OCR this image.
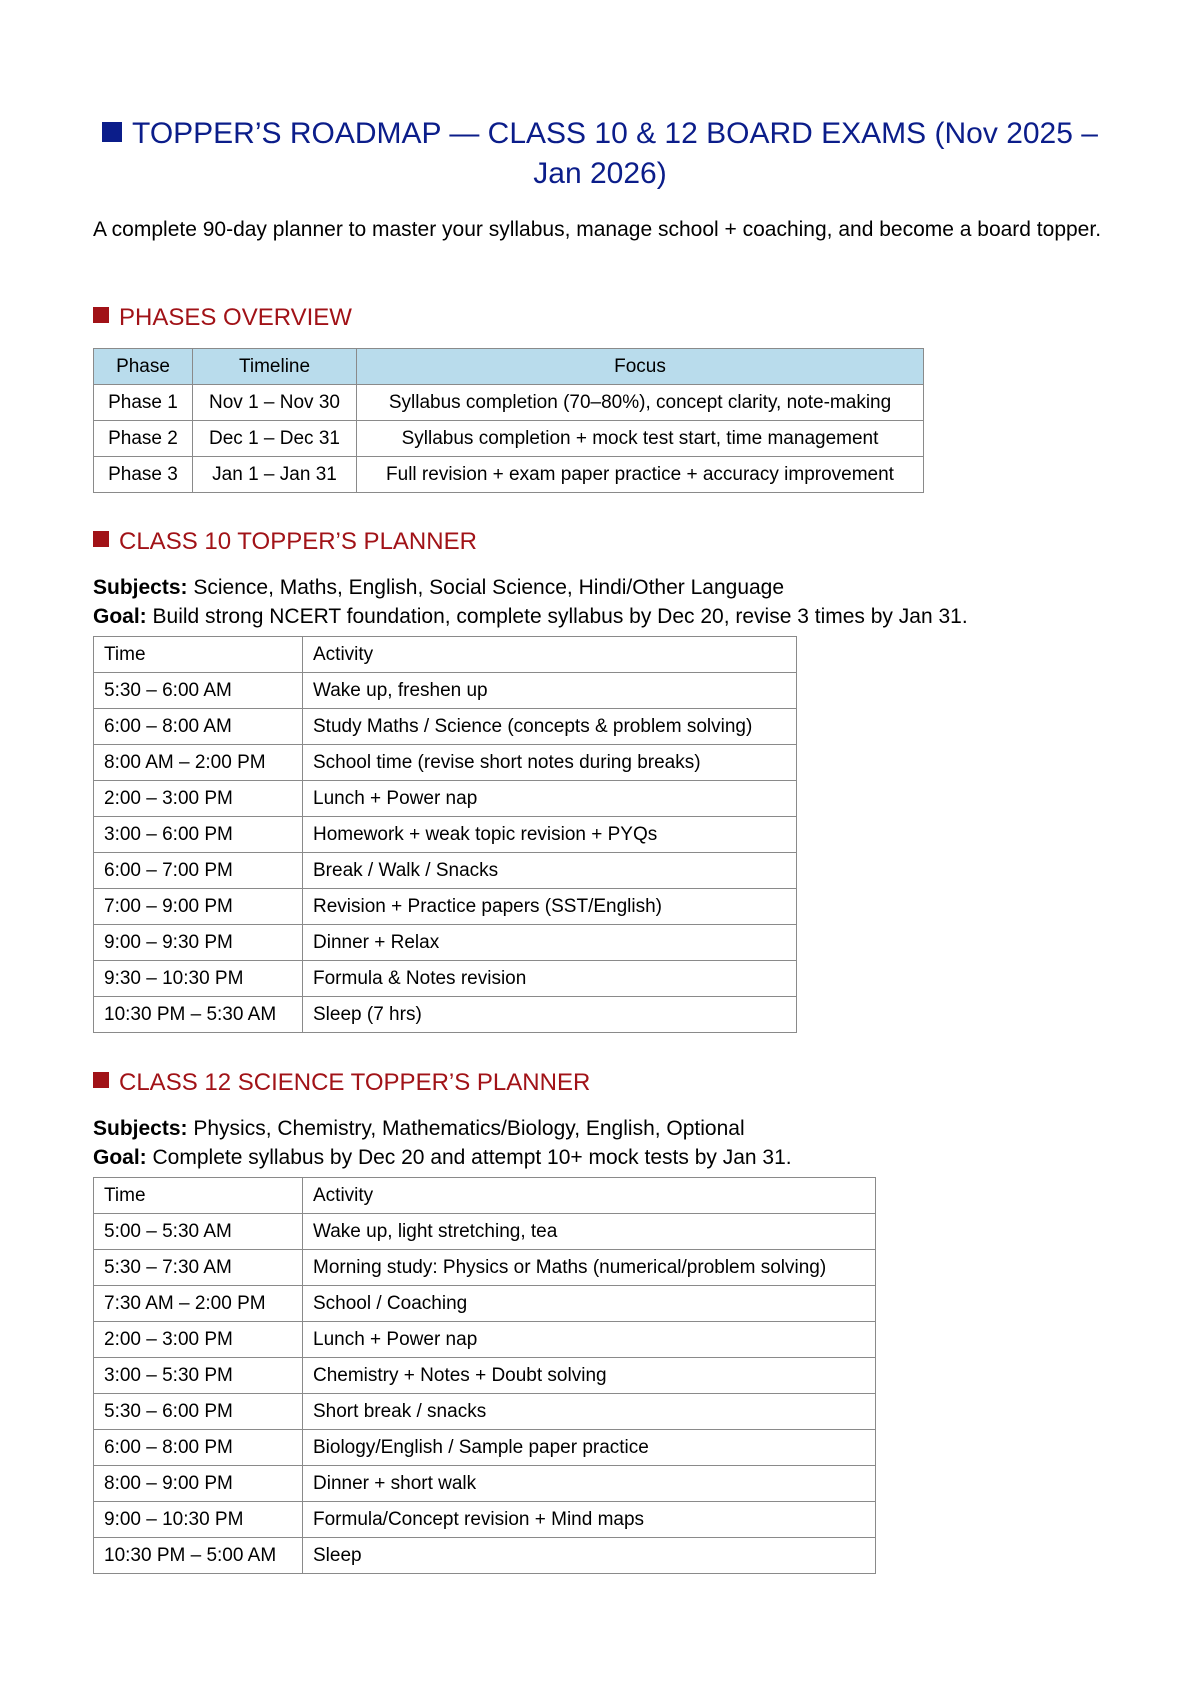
TOPPER’S ROADMAP — CLASS 10 & 12 BOARD EXAMS (Nov 2025 – Jan 2026)
A complete 90-day planner to master your syllabus, manage school + coaching, and become a board topper.
PHASES OVERVIEW
Phase	Timeline	Focus
Phase 1	Nov 1 – Nov 30	Syllabus completion (70–80%), concept clarity, note-making
Phase 2	Dec 1 – Dec 31	Syllabus completion + mock test start, time management
Phase 3	Jan 1 – Jan 31	Full revision + exam paper practice + accuracy improvement
CLASS 10 TOPPER’S PLANNER
Subjects: Science, Maths, English, Social Science, Hindi/Other Language
Goal: Build strong NCERT foundation, complete syllabus by Dec 20, revise 3 times by Jan 31.
Time	Activity
5:30 – 6:00 AM	Wake up, freshen up
6:00 – 8:00 AM	Study Maths / Science (concepts & problem solving)
8:00 AM – 2:00 PM	School time (revise short notes during breaks)
2:00 – 3:00 PM	Lunch + Power nap
3:00 – 6:00 PM	Homework + weak topic revision + PYQs
6:00 – 7:00 PM	Break / Walk / Snacks
7:00 – 9:00 PM	Revision + Practice papers (SST/English)
9:00 – 9:30 PM	Dinner + Relax
9:30 – 10:30 PM	Formula & Notes revision
10:30 PM – 5:30 AM	Sleep (7 hrs)
CLASS 12 SCIENCE TOPPER’S PLANNER
Subjects: Physics, Chemistry, Mathematics/Biology, English, Optional
Goal: Complete syllabus by Dec 20 and attempt 10+ mock tests by Jan 31.
Time	Activity
5:00 – 5:30 AM	Wake up, light stretching, tea
5:30 – 7:30 AM	Morning study: Physics or Maths (numerical/problem solving)
7:30 AM – 2:00 PM	School / Coaching
2:00 – 3:00 PM	Lunch + Power nap
3:00 – 5:30 PM	Chemistry + Notes + Doubt solving
5:30 – 6:00 PM	Short break / snacks
6:00 – 8:00 PM	Biology/English / Sample paper practice
8:00 – 9:00 PM	Dinner + short walk
9:00 – 10:30 PM	Formula/Concept revision + Mind maps
10:30 PM – 5:00 AM	Sleep
